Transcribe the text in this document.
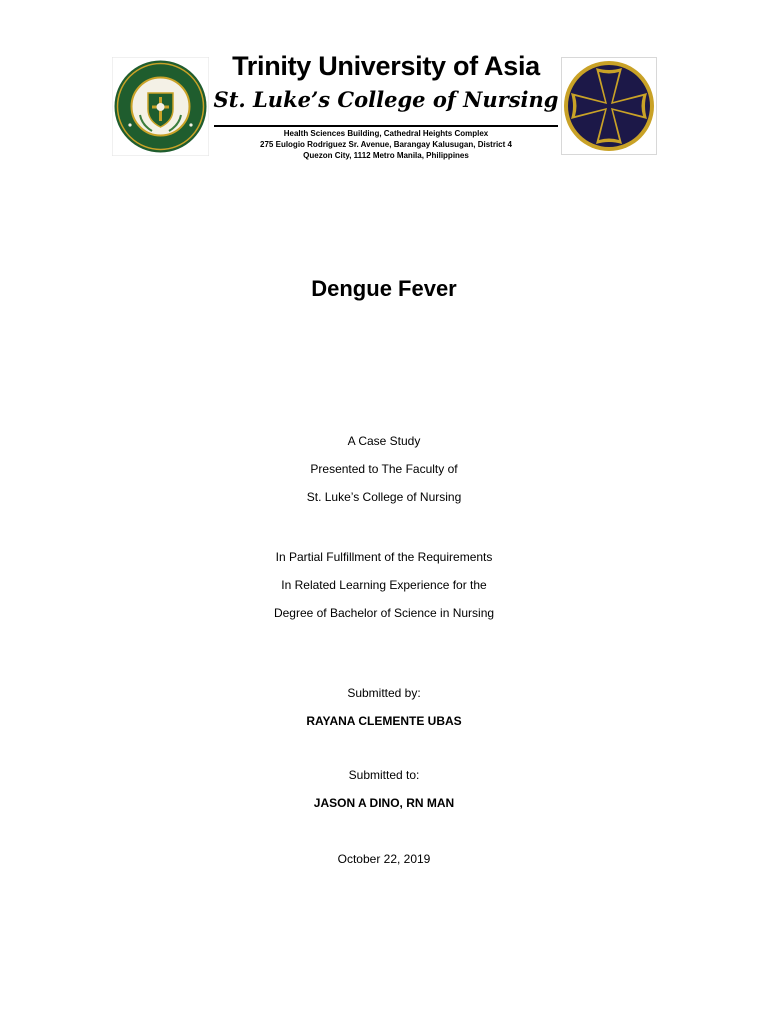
Trinity University of Asia
St. Luke’s College of Nursing
Health Sciences Building, Cathedral Heights Complex
275 Eulogio Rodriguez Sr. Avenue, Barangay Kalusugan, District 4
Quezon City, 1112 Metro Manila, Philippines
Dengue Fever
A Case Study
Presented to The Faculty of
St. Luke’s College of Nursing
In Partial Fulfillment of the Requirements
In Related Learning Experience for the
Degree of Bachelor of Science in Nursing
Submitted by:
RAYANA CLEMENTE UBAS
Submitted to:
JASON A DINO, RN MAN
October 22, 2019
